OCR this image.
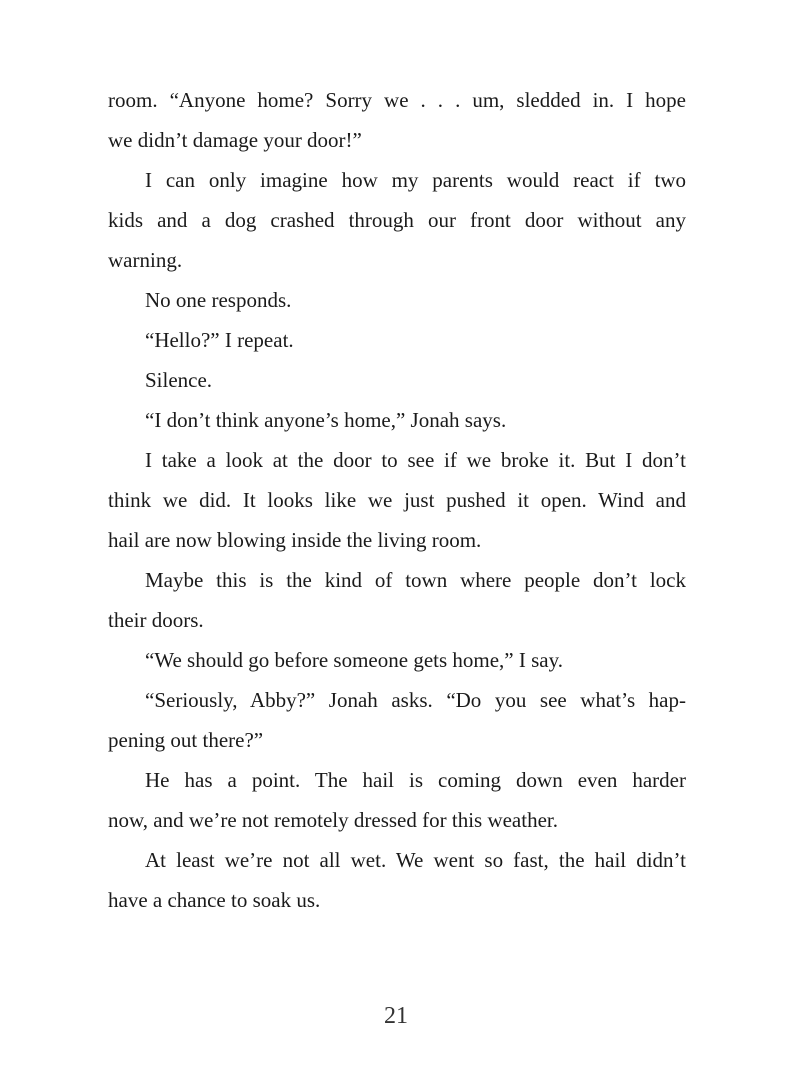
room. “Anyone home? Sorry we . . . um, sledded in. I hope
we didn’t damage your door!”
I can only imagine how my parents would react if two
kids and a dog crashed through our front door without any
warning.
No one responds.
“Hello?” I repeat.
Silence.
“I don’t think anyone’s home,” Jonah says.
I take a look at the door to see if we broke it. But I don’t
think we did. It looks like we just pushed it open. Wind and
hail are now blowing inside the living room.
Maybe this is the kind of town where people don’t lock
their doors.
“We should go before someone gets home,” I say.
“Seriously, Abby?” Jonah asks. “Do you see what’s hap-
pening out there?”
He has a point. The hail is coming down even harder
now, and we’re not remotely dressed for this weather.
At least we’re not all wet. We went so fast, the hail didn’t
have a chance to soak us.
21
